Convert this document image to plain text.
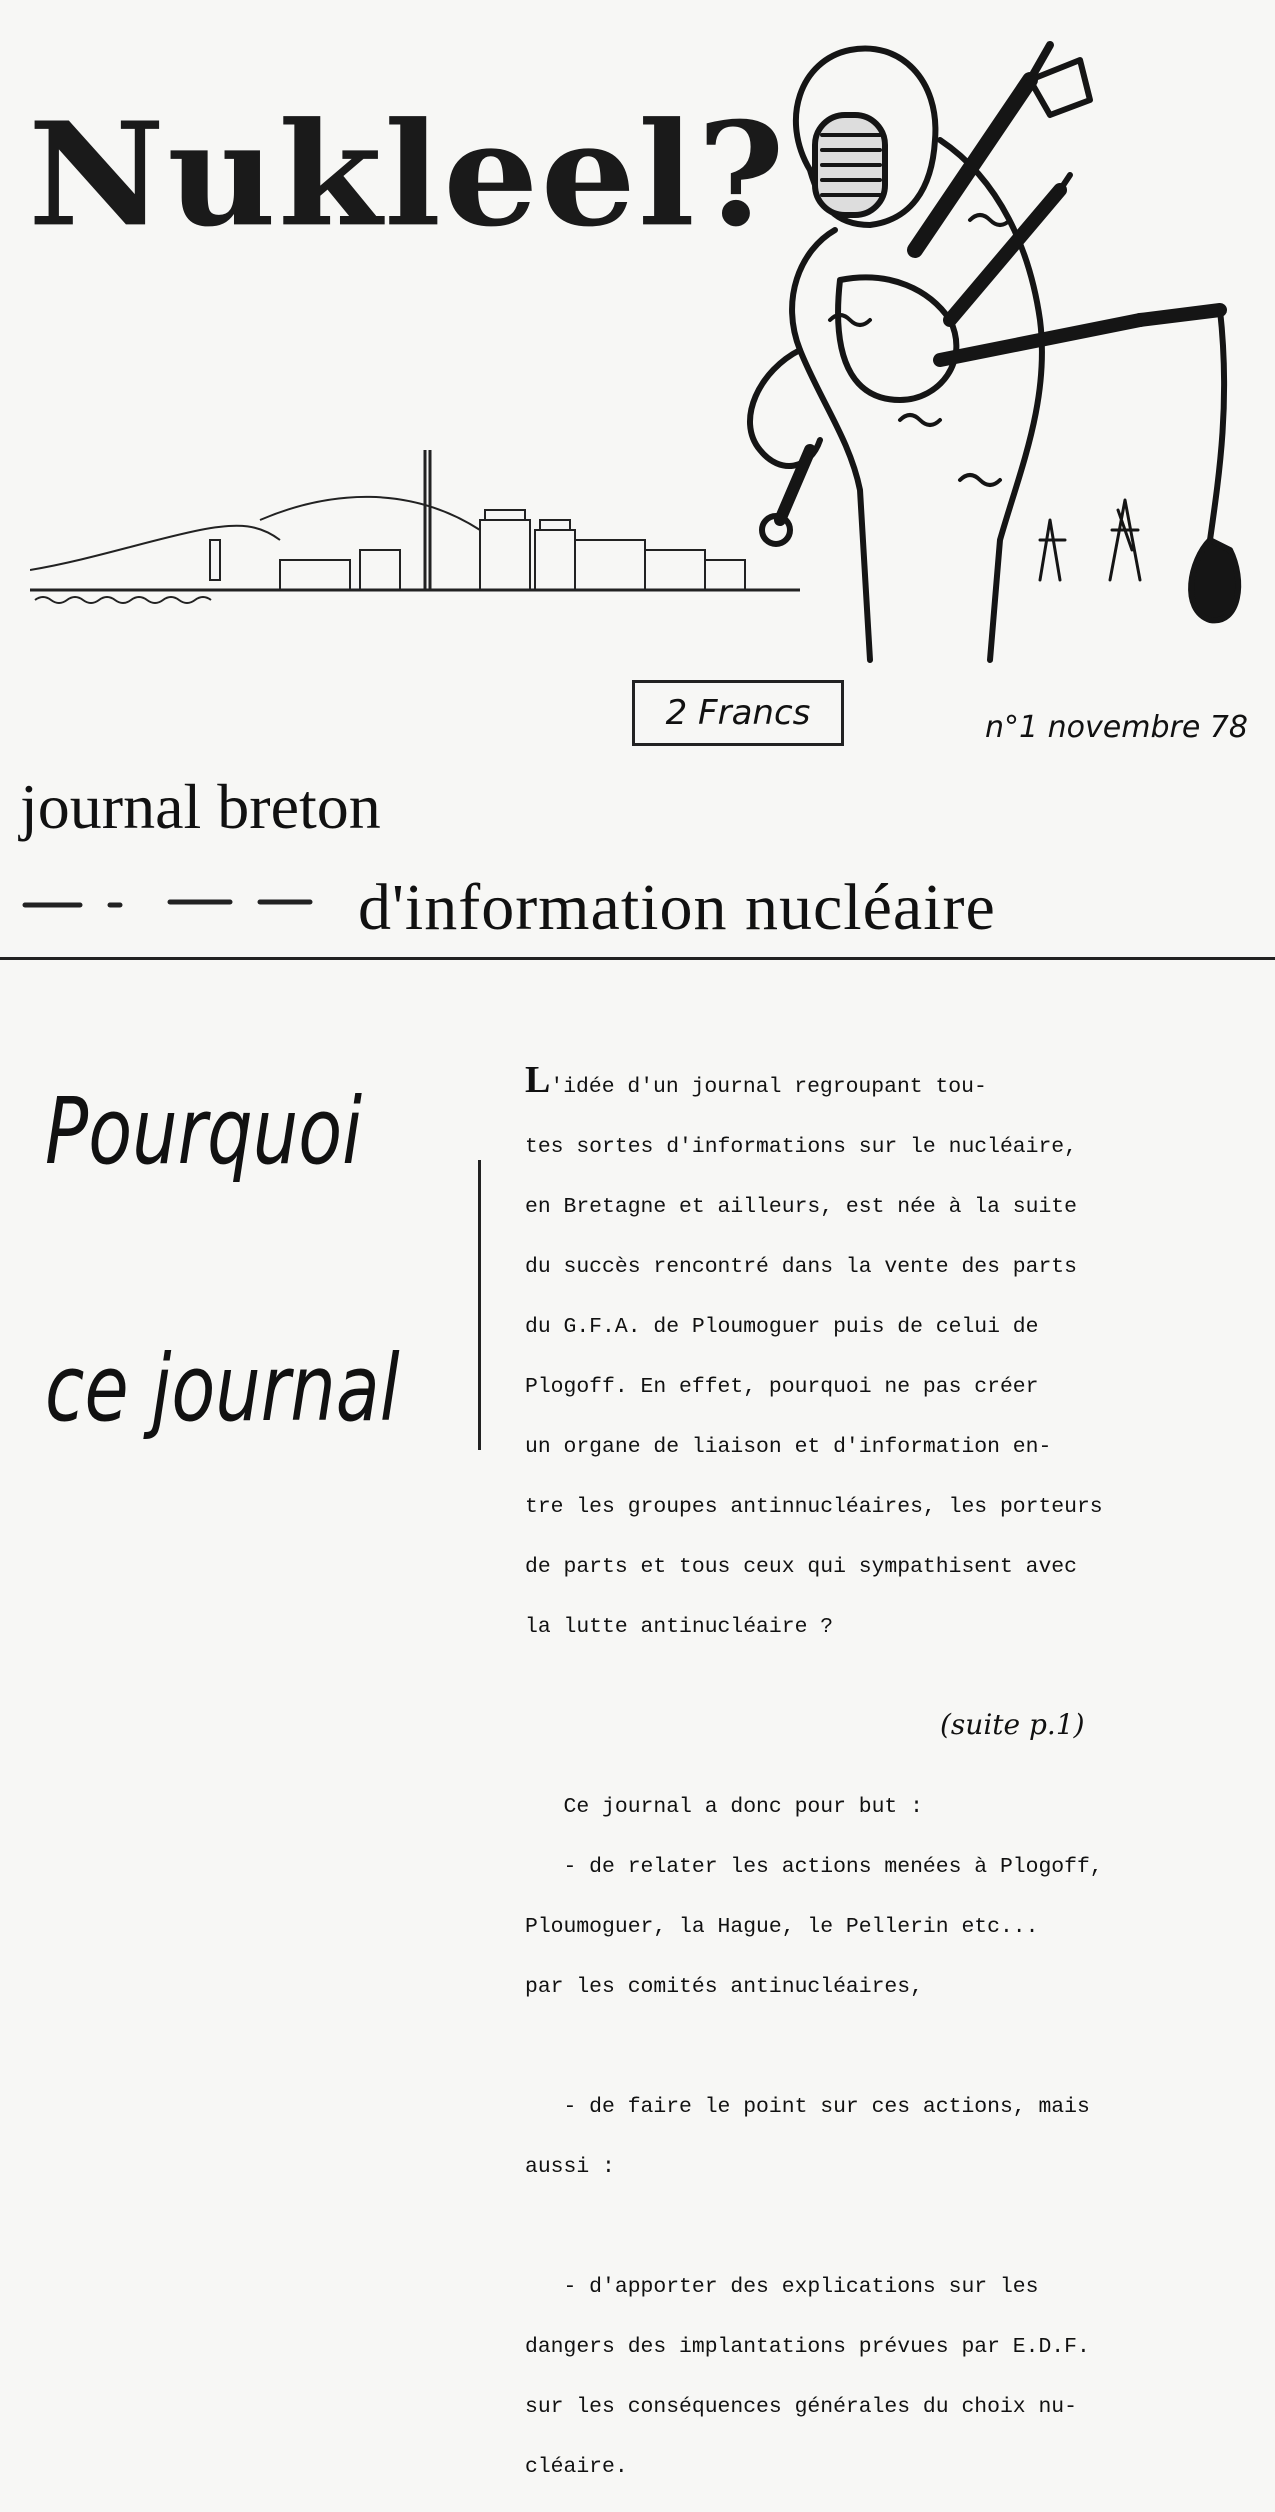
Nukleel?
2 Francs	n°1 novembre 78
journal breton
d'information nucléaire
Pourquoi
ce journal

L'idée d'un journal regroupant tou-

tes sortes d'informations sur le nucléaire,

en Bretagne et ailleurs, est née à la suite

du succès rencontré dans la vente des parts

du G.F.A. de Ploumoguer puis de celui de

Plogoff. En effet, pourquoi ne pas créer

un organe de liaison et d'information en-

tre les groupes antinnucléaires, les porteurs

de parts et tous ceux qui sympathisent avec

la lutte antinucléaire ?

Ce journal a donc pour but :

- de relater les actions menées à Plogoff,

Ploumoguer, la Hague, le Pellerin etc...

par les comités antinucléaires,

- de faire le point sur ces actions, mais

aussi :

- d'apporter des explications sur les

dangers des implantations prévues par E.D.F.

sur les conséquences générales du choix nu-

cléaire.

(suite p.1)
